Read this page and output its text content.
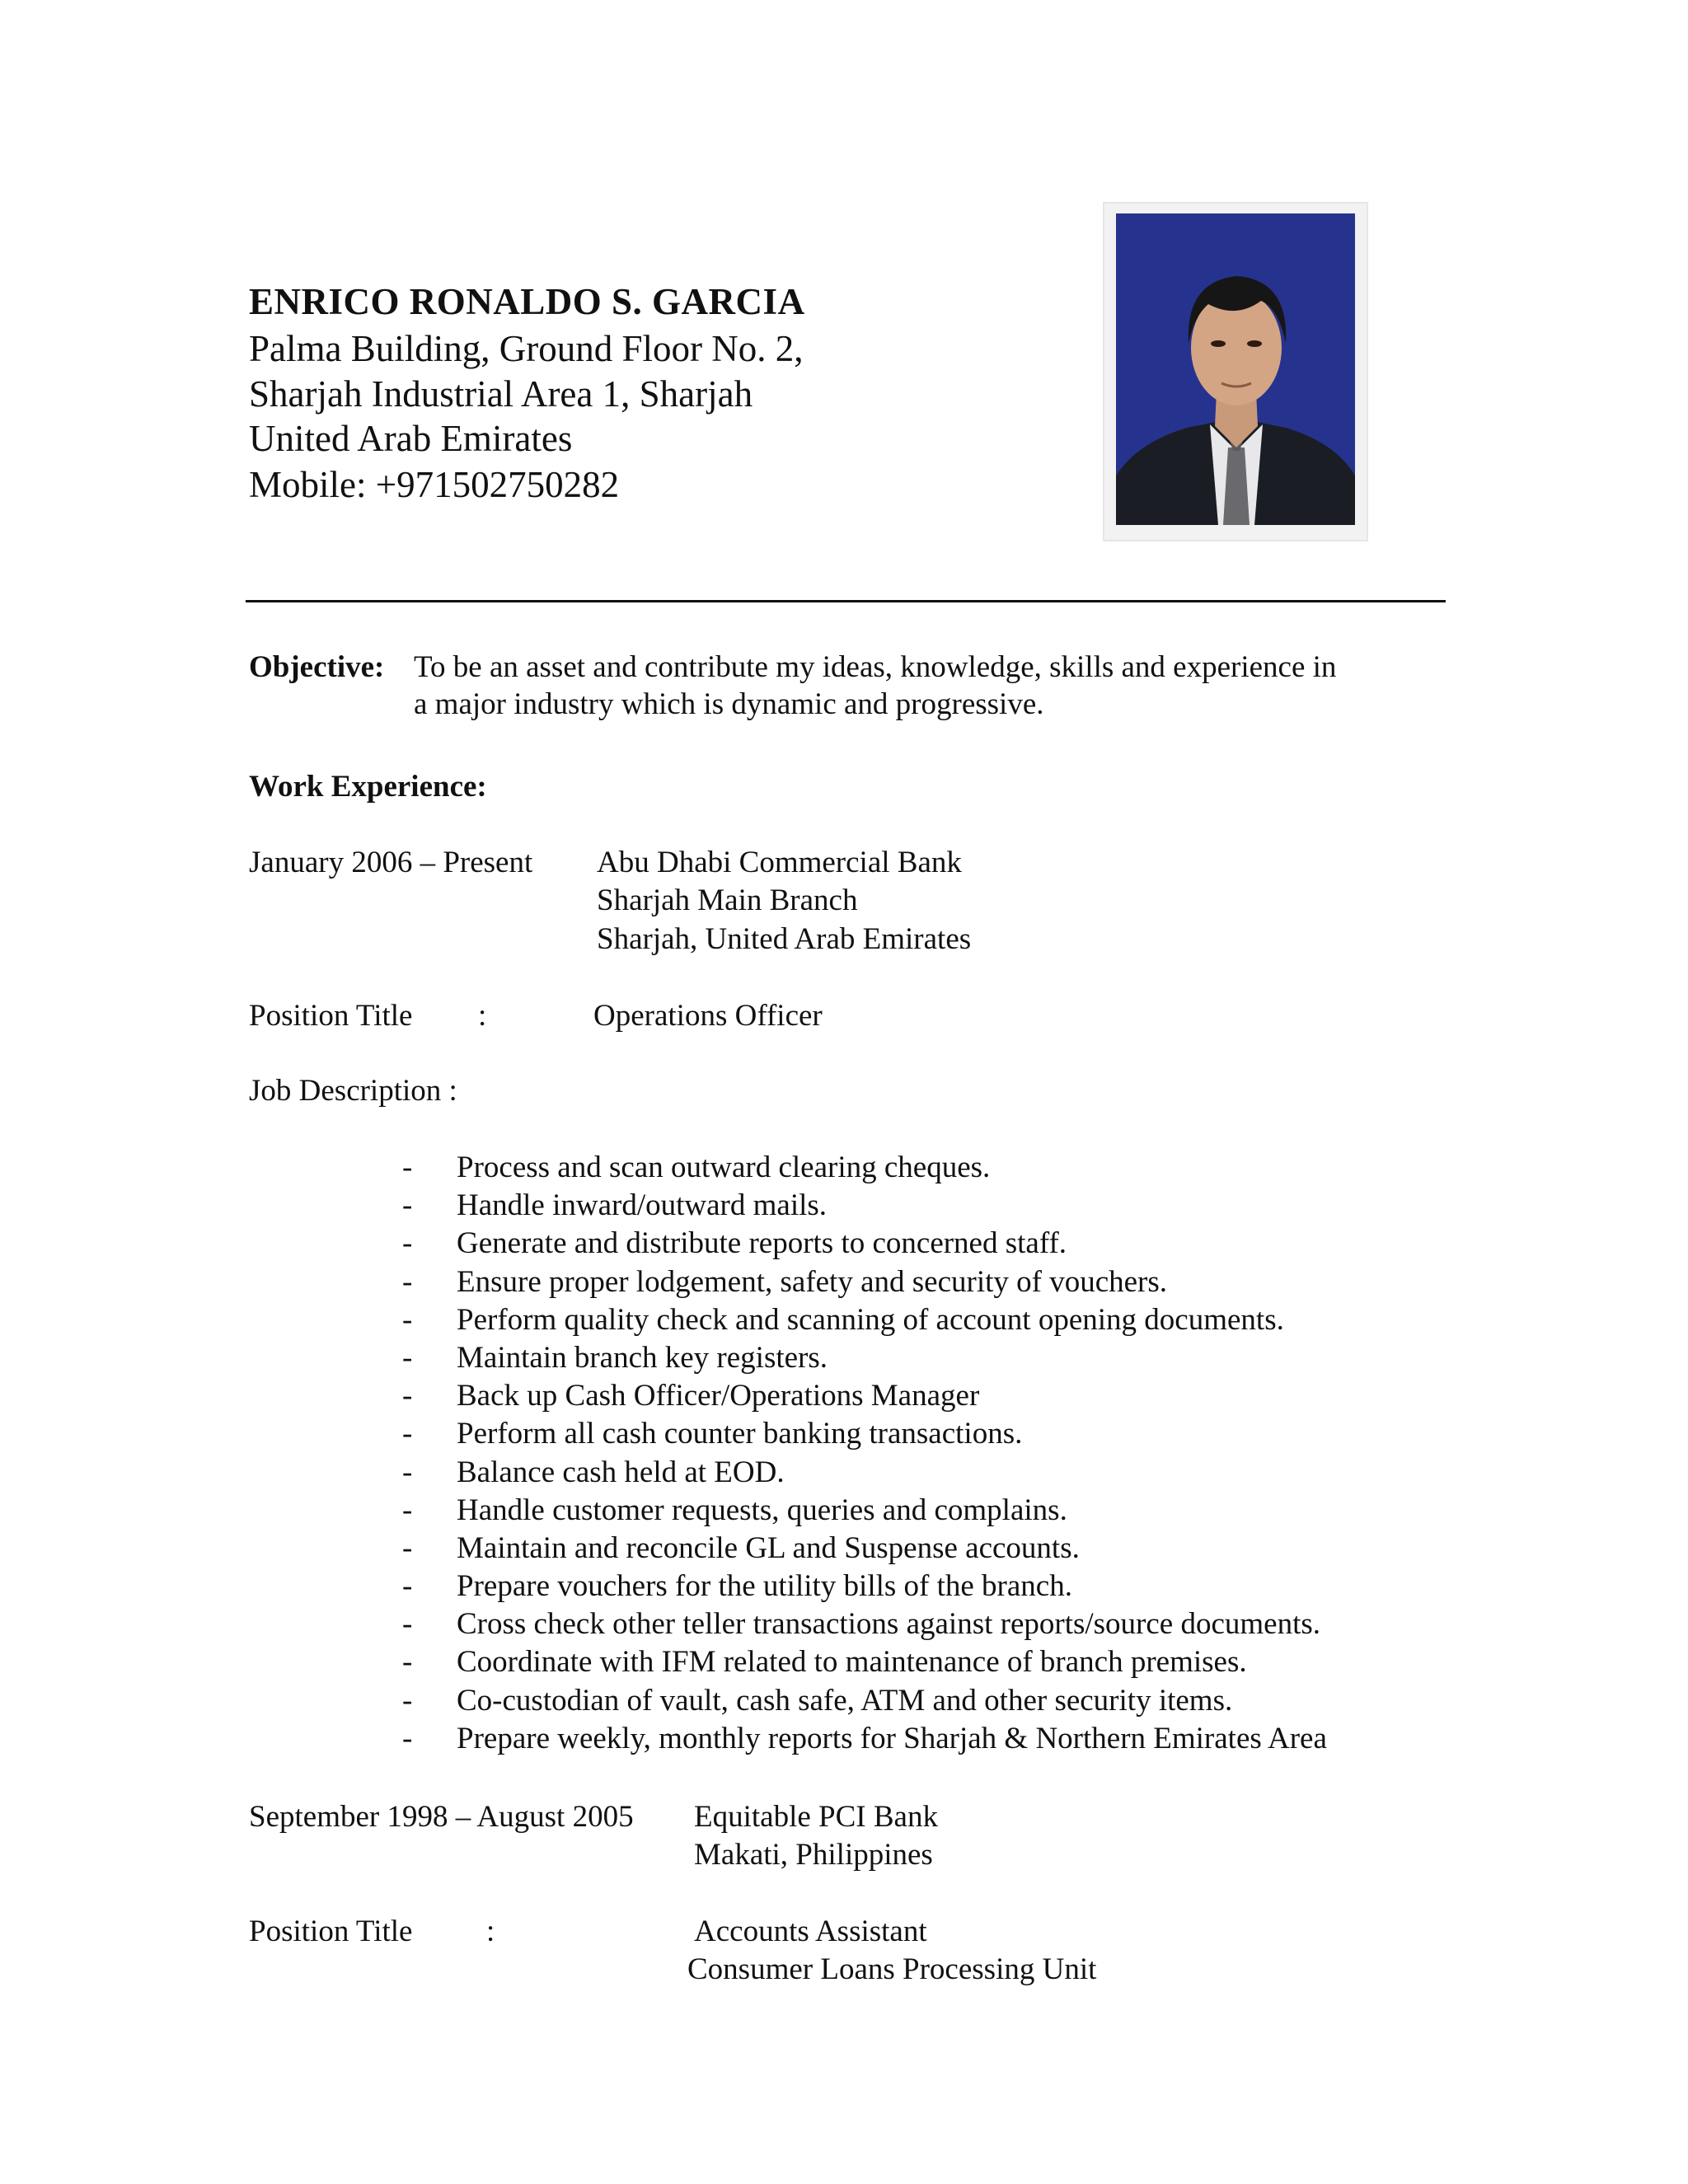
ENRICO RONALDO S. GARCIA
Palma Building, Ground Floor No. 2,
Sharjah Industrial Area 1, Sharjah
United Arab Emirates
Mobile: +971502750282
Objective: To be an asset and contribute my ideas, knowledge, skills and experience in
a major industry which is dynamic and progressive.
Work Experience:
January 2006 – Present Abu Dhabi Commercial Bank
Sharjah Main Branch
Sharjah, United Arab Emirates
Position Title :	Operations Officer
Job Description :
- Process and scan outward clearing cheques.
- Handle inward/outward mails.
- Generate and distribute reports to concerned staff.
- Ensure proper lodgement, safety and security of vouchers.
- Perform quality check and scanning of account opening documents.
- Maintain branch key registers.
- Back up Cash Officer/Operations Manager
- Perform all cash counter banking transactions.
- Balance cash held at EOD.
- Handle customer requests, queries and complains.
- Maintain and reconcile GL and Suspense accounts.
- Prepare vouchers for the utility bills of the branch.
- Cross check other teller transactions against reports/source documents.
- Coordinate with IFM related to maintenance of branch premises.
- Co-custodian of vault, cash safe, ATM and other security items.
- Prepare weekly, monthly reports for Sharjah & Northern Emirates Area
September 1998 – August 2005 Equitable PCI Bank
Makati, Philippines
Position Title :	Accounts Assistant
Consumer Loans Processing Unit
